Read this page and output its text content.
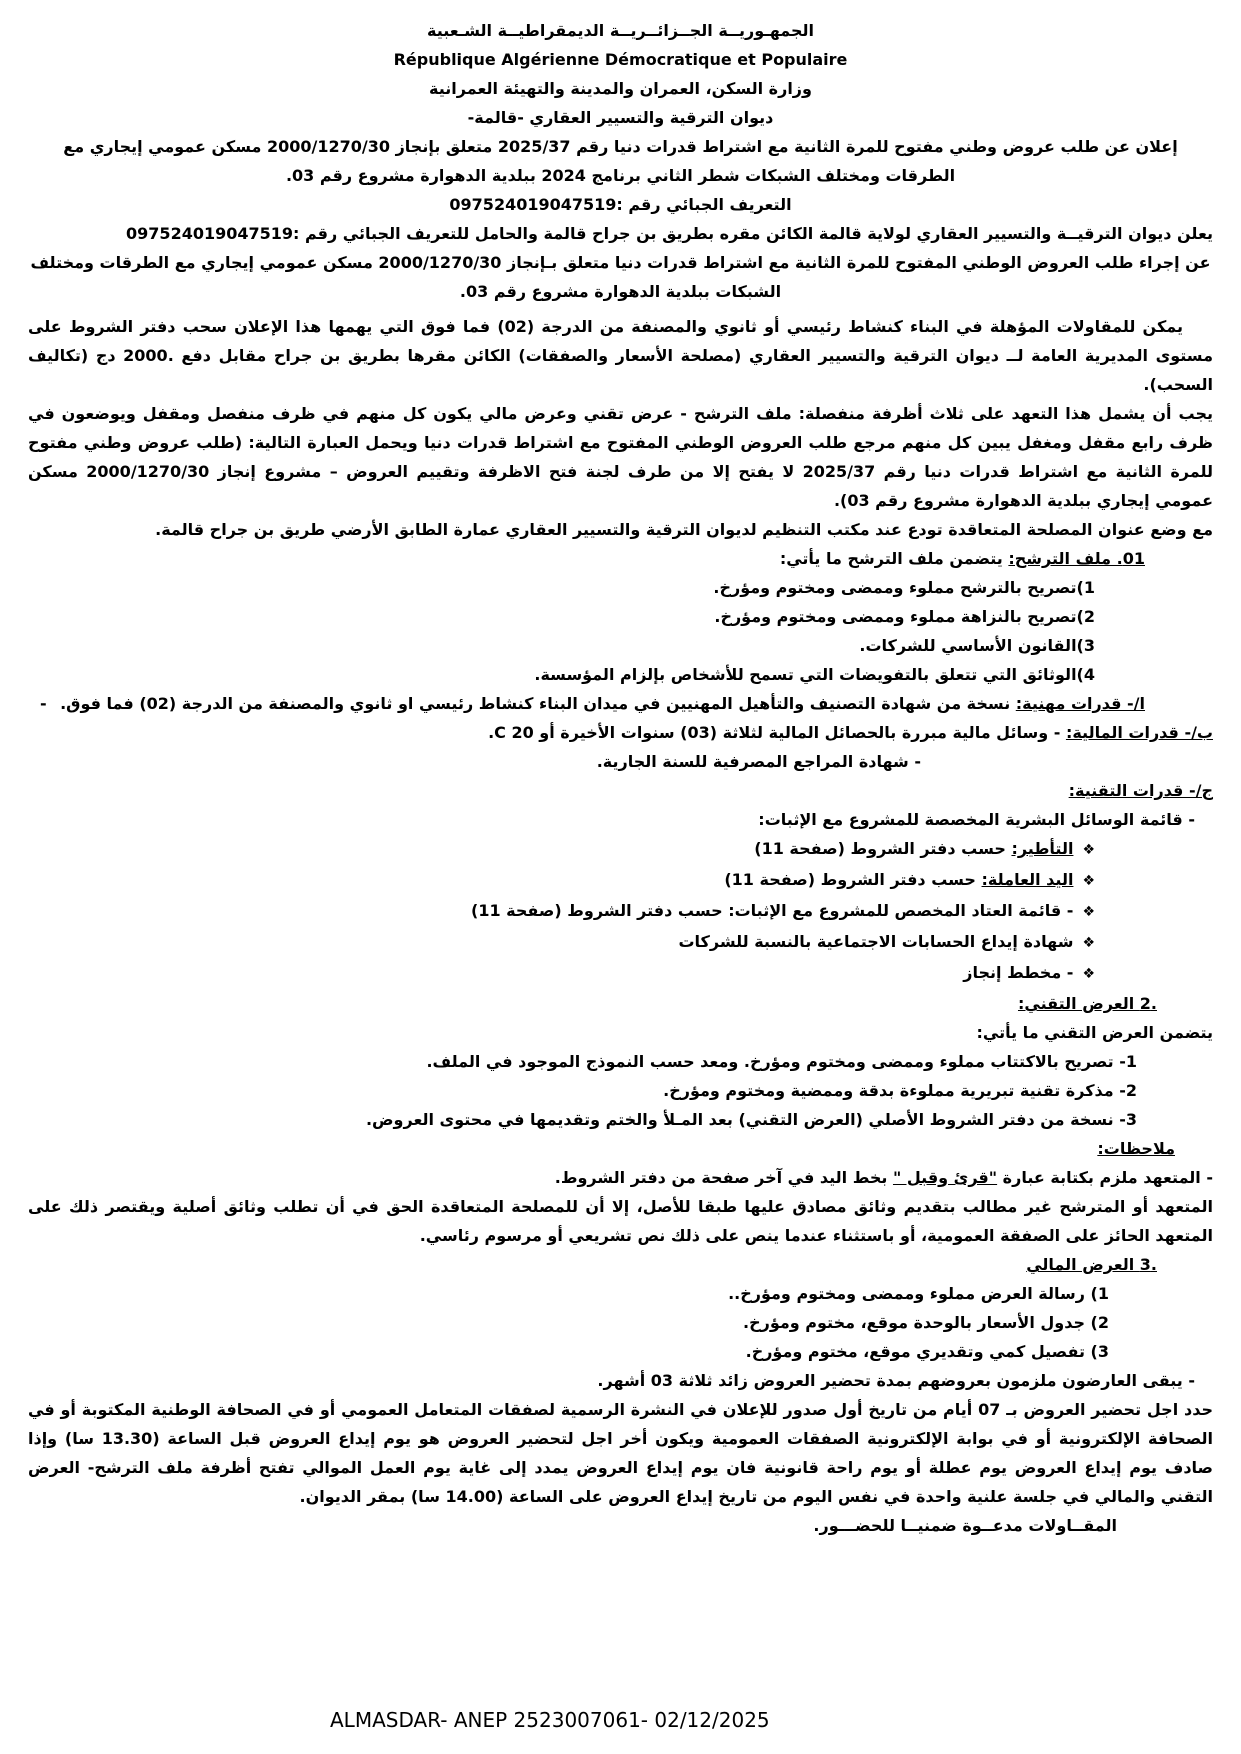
الجمهـوريــة الجــزائــريــة الديمقراطيــة الشـعبية
République Algérienne Démocratique et Populaire
وزارة السكن، العمران والمدينة والتهيئة العمرانية
ديوان الترقية والتسيير العقاري -قالمة-
إعلان عن طلب عروض وطني مفتوح للمرة الثانية مع اشتراط قدرات دنيا رقم 2025/37 متعلق بإنجاز 2000/1270/30 مسكن عمومي إيجاري مع الطرقات ومختلف الشبكات شطر الثاني برنامج 2024 ببلدية الدهوارة مشروع رقم 03.
التعريف الجبائي رقم :097524019047519
يعلن ديوان الترقيــة والتسيير العقاري لولاية قالمة الكائن مقره بطريق بن جراح قالمة والحامل للتعريف الجبائي رقم :097524019047519
عن إجراء طلب العروض الوطني المفتوح للمرة الثانية مع اشتراط قدرات دنيا متعلق بـإنجاز 2000/1270/30 مسكن عمومي إيجاري مع الطرقات ومختلف الشبكات ببلدية الدهوارة مشروع رقم 03.
يمكن للمقاولات المؤهلة في البناء كنشاط رئيسي أو ثانوي والمصنفة من الدرجة (02) فما فوق التي يهمها هذا الإعلان سحب دفتر الشروط على مستوى المديرية العامة لــ ديوان الترقية والتسيير العقاري (مصلحة الأسعار والصفقات) الكائن مقرها بطريق بن جراح مقابل دفع .2000 دج (تكاليف السحب).
يجب أن يشمل هذا التعهد على ثلاث أظرفة منفصلة: ملف الترشح - عرض تقني وعرض مالي يكون كل منهم في ظرف منفصل ومقفل ويوضعون في ظرف رابع مقفل ومغفل يبين كل منهم مرجع طلب العروض الوطني المفتوح مع اشتراط قدرات دنيا ويحمل العبارة التالية: (طلب عروض وطني مفتوح للمرة الثانية مع اشتراط قدرات دنيا رقم 2025/37 لا يفتح إلا من طرف لجنة فتح الاظرفة وتقييم العروض – مشروع إنجاز 2000/1270/30 مسكن عمومي إيجاري ببلدية الدهوارة مشروع رقم 03).
مع وضع عنوان المصلحة المتعاقدة تودع عند مكتب التنظيم لديوان الترقية والتسيير العقاري عمارة الطابق الأرضي طريق بن جراح قالمة.
01. ملف الترشح: يتضمن ملف الترشح ما يأتي:
1)تصريح بالترشح مملوء وممضى ومختوم ومؤرخ.
2)تصريح بالنزاهة مملوء وممضى ومختوم ومؤرخ.
3)القانون الأساسي للشركات.
4)الوثائق التي تتعلق بالتفويضات التي تسمح للأشخاص بإلزام المؤسسة.
-	ا/- قدرات مهنية: نسخة من شهادة التصنيف والتأهيل المهنيين في ميدان البناء كنشاط رئيسي او ثانوي والمصنفة من الدرجة (02) فما فوق.
ب/- قدرات المالية: - وسائل مالية مبررة بالحصائل المالية لثلاثة (03) سنوات الأخيرة أو C 20.
- شهادة المراجع المصرفية للسنة الجارية.
ج/- قدرات التقنية:
- قائمة الوسائل البشرية المخصصة للمشروع مع الإثبات:
❖التأطير: حسب دفتر الشروط (صفحة 11)
❖اليد العاملة: حسب دفتر الشروط (صفحة 11)
❖- قائمة العتاد المخصص للمشروع مع الإثبات: حسب دفتر الشروط (صفحة 11)
❖شهادة إيداع الحسابات الاجتماعية بالنسبة للشركات
❖- مخطط إنجاز
.2 العرض التقني:
يتضمن العرض التقني ما يأتي:
1- تصريح بالاكتتاب مملوء وممضى ومختوم ومؤرخ. ومعد حسب النموذج الموجود في الملف.
2- مذكرة تقنية تبريرية مملوءة بدقة وممضية ومختوم ومؤرخ.
3- نسخة من دفتر الشروط الأصلي (العرض التقني) بعد المـلأ والختم وتقديمها في محتوى العروض.
ملاحظات:
- المتعهد ملزم بكتابة عبارة "قرئ وقبل " بخط اليد في آخر صفحة من دفتر الشروط.
المتعهد أو المترشح غير مطالب بتقديم وثائق مصادق عليها طبقا للأصل، إلا أن للمصلحة المتعاقدة الحق في أن تطلب وثائق أصلية ويقتصر ذلك على المتعهد الحائز على الصفقة العمومية، أو باستثناء عندما ينص على ذلك نص تشريعي أو مرسوم رئاسي.
.3 العرض المالي
1) رسالة العرض مملوء وممضى ومختوم ومؤرخ..
2) جدول الأسعار بالوحدة موقع، مختوم ومؤرخ.
3) تفصيل كمي وتقديري موقع، مختوم ومؤرخ.
- يبقى العارضون ملزمون بعروضهم بمدة تحضير العروض زائد ثلاثة 03 أشهر.
حدد اجل تحضير العروض بـ 07 أيام من تاريخ أول صدور للإعلان في النشرة الرسمية لصفقات المتعامل العمومي أو في الصحافة الوطنية المكتوبة أو في الصحافة الإلكترونية أو في بوابة الإلكترونية الصفقات العمومية ويكون أخر اجل لتحضير العروض هو يوم إيداع العروض قبل الساعة (13.30 سا) وإذا صادف يوم إيداع العروض يوم عطلة أو يوم راحة قانونية فان يوم إيداع العروض يمدد إلى غاية يوم العمل الموالي تفتح أظرفة ملف الترشح- العرض التقني والمالي في جلسة علنية واحدة في نفس اليوم من تاريخ إيداع العروض على الساعة (14.00 سا) بمقر الديوان.
المقــاولات مدعــوة ضمنيــا للحضـــور.
ALMASDAR- ANEP 2523007061- 02/12/2025
